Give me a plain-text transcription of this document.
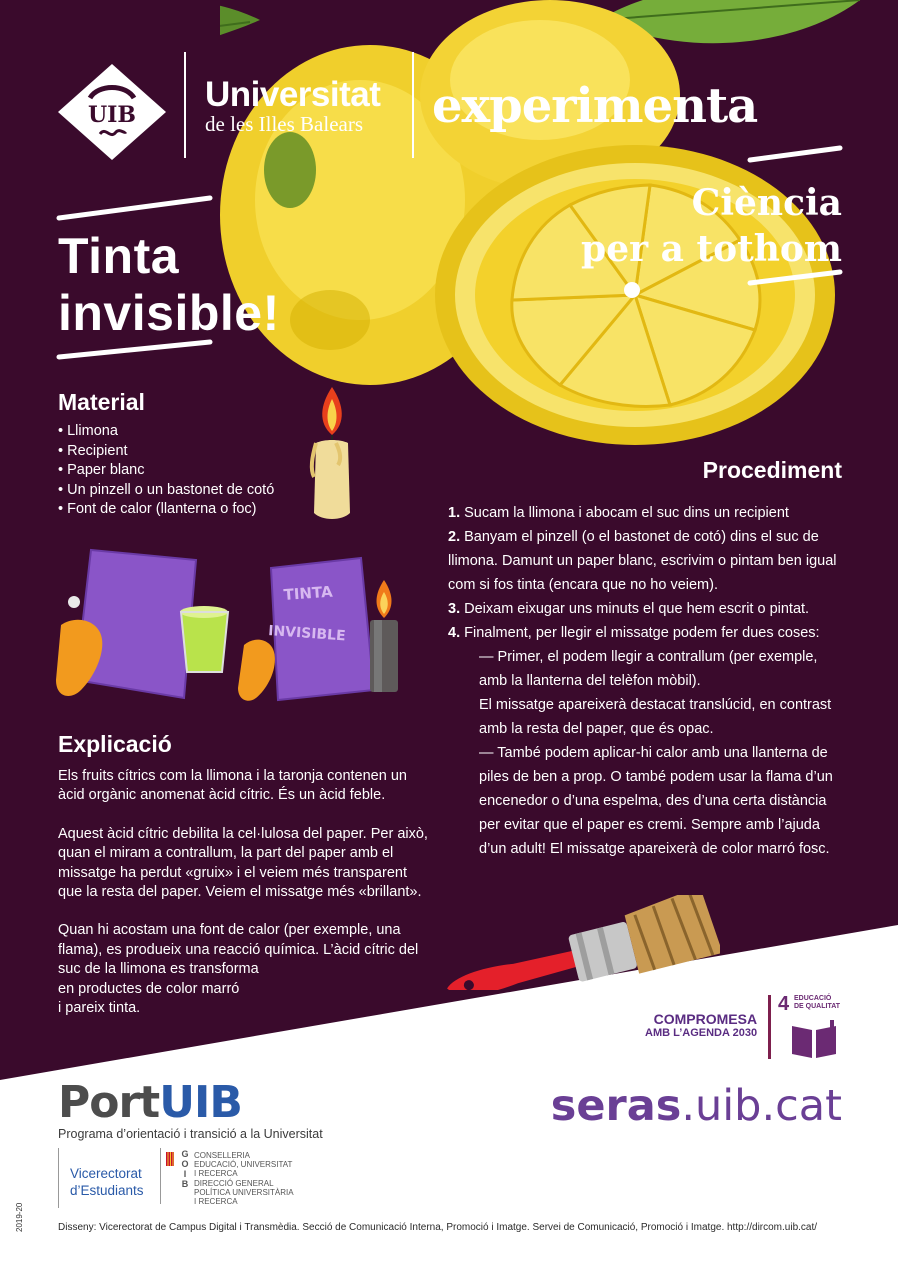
UIB
Universitat
de les Illes Balears	experimenta
Ciència
per a tothom
Tinta
invisible!
Material
• Llimona
• Recipient
• Paper blanc
• Un pinzell o un bastonet de cotó
• Font de calor (llanterna o foc)
Procediment

1. Sucam la llimona i abocam el suc dins un recipient

2. Banyam el pinzell (o el bastonet de cotó) dins el suc de llimona. Damunt un paper blanc, escrivim o pintam ben igual com si fos tinta (encara que no ho veiem).

3. Deixam eixugar uns minuts el que hem escrit o pintat.

4. Finalment, per llegir el missatge podem fer dues coses:

— Primer, el podem llegir a contrallum (per exemple, amb la llanterna del telèfon mòbil).

El missatge apareixerà destacat translúcid, en contrast amb la resta del paper, que és opac.

— També podem aplicar-hi calor amb una llanterna de piles de ben a prop. O també podem usar la flama d’un encenedor o d’una espelma, des d’una certa distància per evitar que el paper es cremi. Sempre amb l’ajuda

d’un adult! El missatge apareixerà de color marró fosc.

TINTA
INVISIBLE
Explicació

Els fruits cítrics com la llimona i la taronja contenen un àcid orgànic anomenat àcid cítric. És un àcid feble.

Aquest àcid cítric debilita la cel·lulosa del paper. Per això, quan el miram a contrallum, la part del paper amb el missatge ha perdut «gruix» i el veiem més transparent que la resta del paper. Veiem el missatge més «brillant».

Quan hi acostam una font de calor (per exemple, una flama), es produeix una reacció química. L’àcid cítric del suc de la llimona es transforma
en productes de color marró
i pareix tinta.

COMPROMESA
AMB L’AGENDA 2030
4 EDUCACIÓ
DE QUALITAT
PortUIB
Programa d’orientació i transició a la Universitat
seras.uib.cat
Vicerectorat
d’Estudiants
G
O
I
B
CONSELLERIA
EDUCACIÓ, UNIVERSITAT
I RECERCA
DIRECCIÓ GENERAL
POLÍTICA UNIVERSITÀRIA
I RECERCA
2019-20	Disseny: Vicerectorat de Campus Digital i Transmèdia. Secció de Comunicació Interna, Promoció i Imatge. Servei de Comunicació, Promoció i Imatge. http://dircom.uib.cat/
